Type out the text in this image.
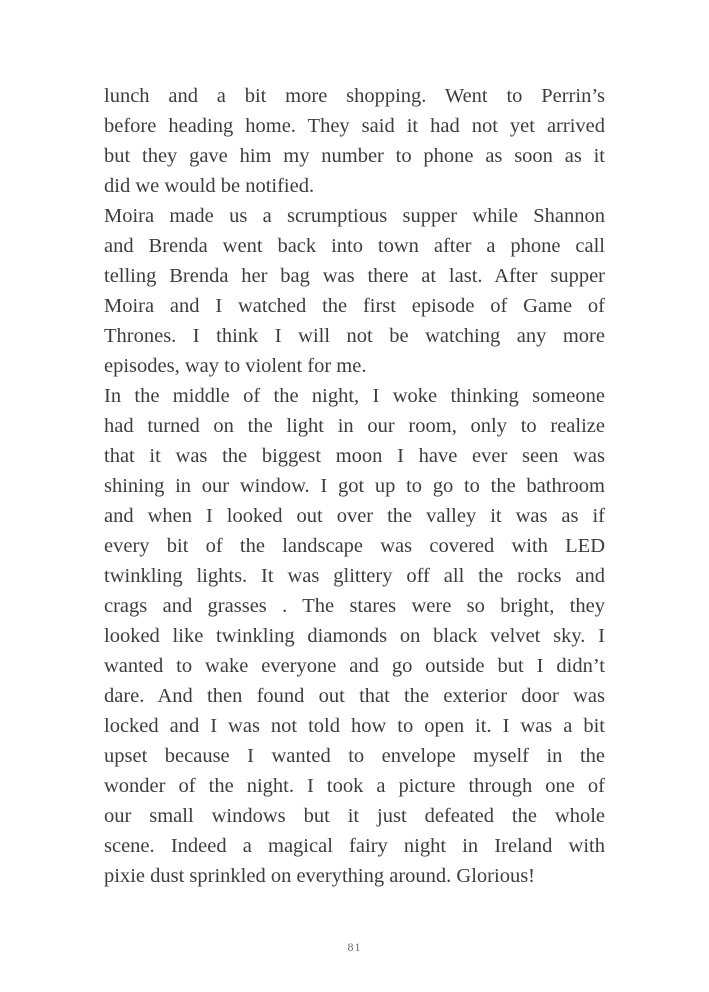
lunch and a bit more shopping. Went to Perrin’s
before heading home. They said it had not yet arrived
but they gave him my number to phone as soon as it
did we would be notified.
Moira made us a scrumptious supper while Shannon
and Brenda went back into town after a phone call
telling Brenda her bag was there at last. After supper
Moira and I watched the first episode of Game of
Thrones. I think I will not be watching any more
episodes, way to violent for me.
In the middle of the night, I woke thinking someone
had turned on the light in our room, only to realize
that it was the biggest moon I have ever seen was
shining in our window. I got up to go to the bathroom
and when I looked out over the valley it was as if
every bit of the landscape was covered with LED
twinkling lights. It was glittery off all the rocks and
crags and grasses . The stares were so bright, they
looked like twinkling diamonds on black velvet sky. I
wanted to wake everyone and go outside but I didn’t
dare. And then found out that the exterior door was
locked and I was not told how to open it. I was a bit
upset because I wanted to envelope myself in the
wonder of the night. I took a picture through one of
our small windows but it just defeated the whole
scene. Indeed a magical fairy night in Ireland with
pixie dust sprinkled on everything around. Glorious!
81
